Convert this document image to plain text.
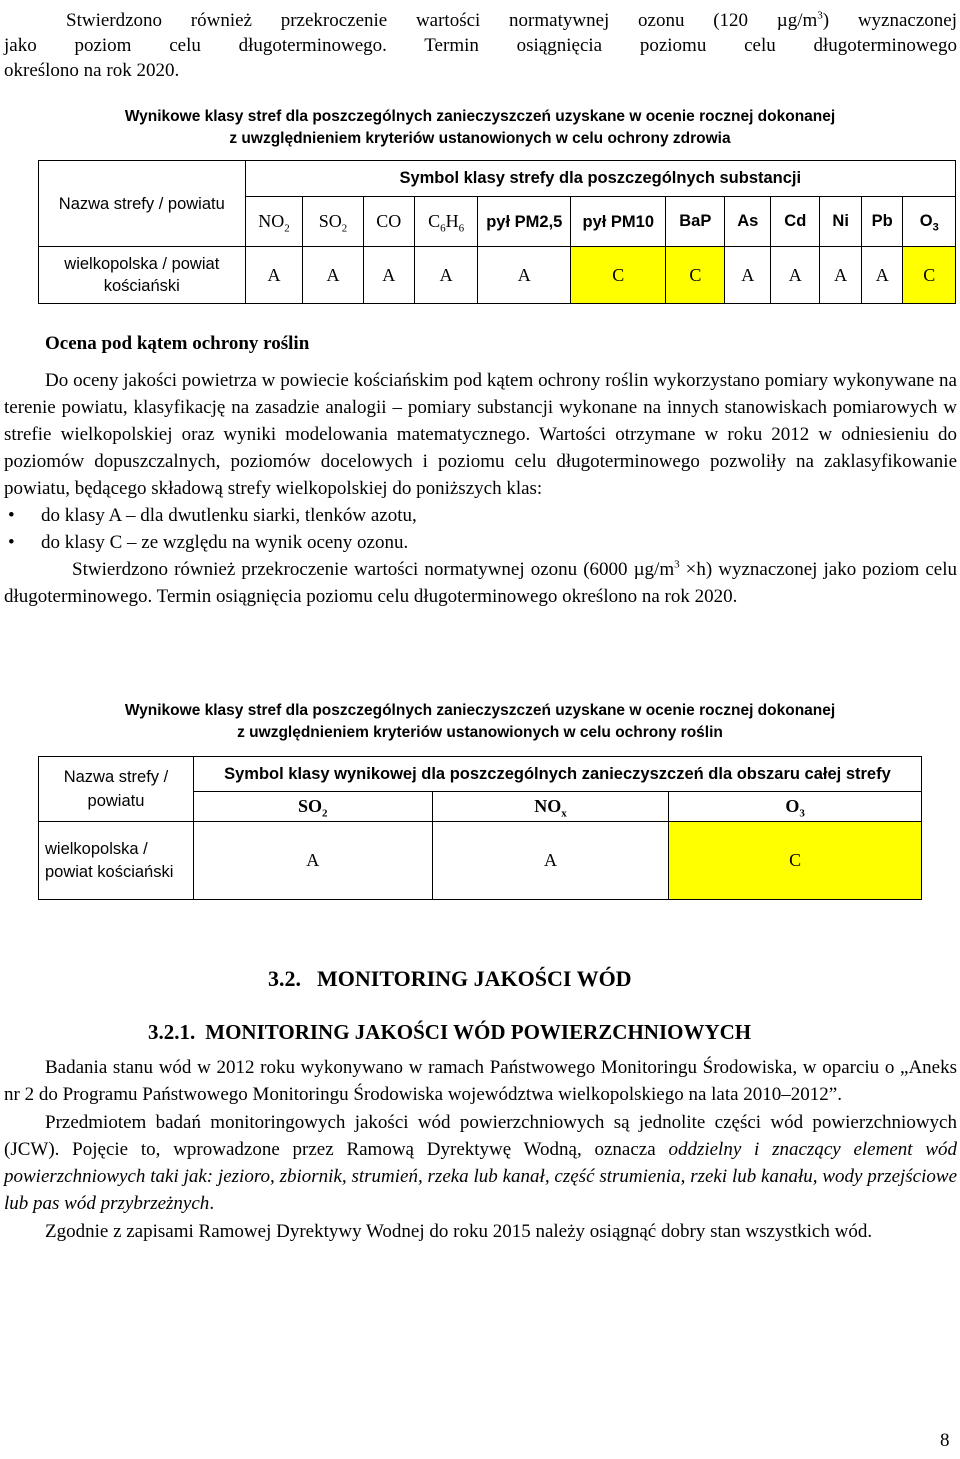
Stwierdzono również przekroczenie wartości normatywnej ozonu (120 $\mu g/m^3$) wyznaczonej

jako poziom celu długoterminowego. Termin osiągnięcia poziomu celu długoterminowego

określono na rok 2020.

Wynikowe klasy stref dla poszczególnych zanieczyszczeń uzyskane w ocenie rocznej dokonanej

z uwzględnieniem kryteriów ustanowionych w celu ochrony zdrowia

Nazwa strefy / powiatu	Symbol klasy strefy dla poszczególnych substancji											
	$NO_2$	$SO_2$	CO	$C_6H_6$	pył PM2,5	pył PM10	BaP	As	Cd	Ni	Pb	$O_3$
wielkopolska / powiat kościański	A	A	A	A	A	C	C	A	A	A	A	C
Ocena pod kątem ochrony roślin

Do oceny jakości powietrza w powiecie kościańskim pod kątem ochrony roślin wykorzystano pomiary wykonywane na terenie powiatu, klasyfikację na zasadzie analogii – pomiary substancji wykonane na innych stanowiskach pomiarowych w strefie wielkopolskiej oraz wyniki modelowania matematycznego. Wartości otrzymane w roku 2012 w odniesieniu do poziomów dopuszczalnych, poziomów docelowych i poziomu celu długoterminowego pozwoliły na zaklasyfikowanie powiatu, będącego składową strefy wielkopolskiej do poniższych klas:

• do klasy A – dla dwutlenku siarki, tlenków azotu,
• do klasy C – ze względu na wynik oceny ozonu.

Stwierdzono również przekroczenie wartości normatywnej ozonu (6000 $\mu g/m^3 \times h$) wyznaczonej jako poziom celu długoterminowego. Termin osiągnięcia poziomu celu długoterminowego określono na rok 2020.

Wynikowe klasy stref dla poszczególnych zanieczyszczeń uzyskane w ocenie rocznej dokonanej

z uwzględnieniem kryteriów ustanowionych w celu ochrony roślin

Nazwa strefy / powiatu	Symbol klasy wynikowej dla poszczególnych zanieczyszczeń dla obszaru całej strefy		
	$SO_2$	$NO_x$	$O_3$
wielkopolska / powiat kościański	A	A	C
3.2. MONITORING JAKOŚCI WÓD
3.2.1. MONITORING JAKOŚCI WÓD POWIERZCHNIOWYCH

Badania stanu wód w 2012 roku wykonywano w ramach Państwowego Monitoringu Środowiska, w oparciu o „Aneks nr 2 do Programu Państwowego Monitoringu Środowiska województwa wielkopolskiego na lata 2010–2012”.

Przedmiotem badań monitoringowych jakości wód powierzchniowych są jednolite części wód powierzchniowych (JCW). Pojęcie to, wprowadzone przez Ramową Dyrektywę Wodną, oznacza oddzielny i znaczący element wód powierzchniowych taki jak: jezioro, zbiornik, strumień, rzeka lub kanał, część strumienia, rzeki lub kanału, wody przejściowe lub pas wód przybrzeżnych.

Zgodnie z zapisami Ramowej Dyrektywy Wodnej do roku 2015 należy osiągnąć dobry stan wszystkich wód.

8
